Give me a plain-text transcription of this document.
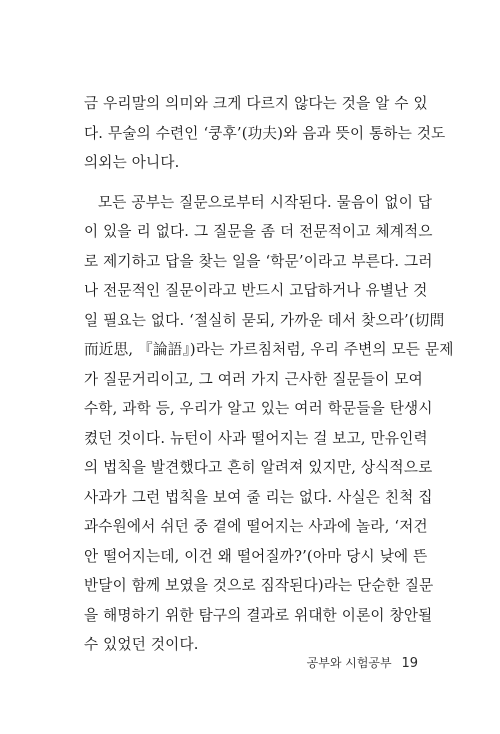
금 우리말의 의미와 크게 다르지 않다는 것을 알 수 있
다. 무술의 수련인 ‘쿵후’(功夫)와 음과 뜻이 통하는 것도
의외는 아니다.
모든 공부는 질문으로부터 시작된다. 물음이 없이 답
이 있을 리 없다. 그 질문을 좀 더 전문적이고 체계적으
로 제기하고 답을 찾는 일을 ‘학문’이라고 부른다. 그러
나 전문적인 질문이라고 반드시 고답하거나 유별난 것
일 필요는 없다. ‘절실히 묻되, 가까운 데서 찾으라’(切問
而近思, 『論語』)라는 가르침처럼, 우리 주변의 모든 문제
가 질문거리이고, 그 여러 가지 근사한 질문들이 모여
수학, 과학 등, 우리가 알고 있는 여러 학문들을 탄생시
켰던 것이다. 뉴턴이 사과 떨어지는 걸 보고, 만유인력
의 법칙을 발견했다고 흔히 알려져 있지만, 상식적으로
사과가 그런 법칙을 보여 줄 리는 없다. 사실은 친척 집
과수원에서 쉬던 중 곁에 떨어지는 사과에 놀라, ‘저건
안 떨어지는데, 이건 왜 떨어질까?’(아마 당시 낮에 뜬
반달이 함께 보였을 것으로 짐작된다)라는 단순한 질문
을 해명하기 위한 탐구의 결과로 위대한 이론이 창안될
수 있었던 것이다.
공부와 시험공부 19
